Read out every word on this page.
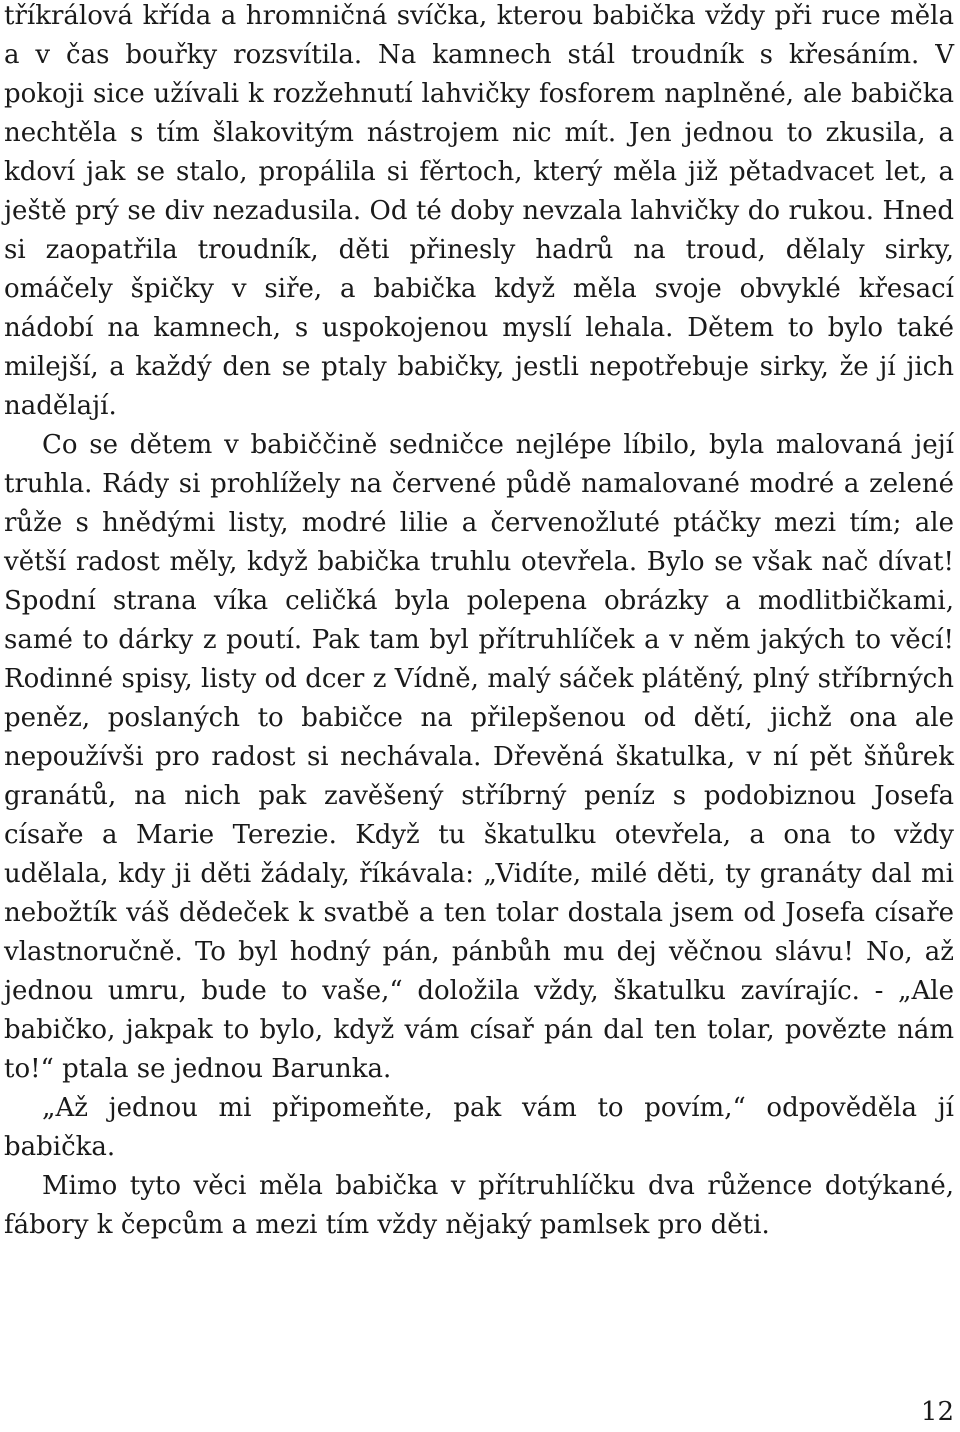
tříkrálová křída a hromničná svíčka, kterou babička vždy při ruce měla a v čas bouřky rozsvítila. Na kamnech stál troudník s křesáním. V pokoji sice užívali k rozžehnutí lahvičky fosforem naplněné, ale babička nechtěla s tím šlakovitým nástrojem nic mít. Jen jednou to zkusila, a kdoví jak se stalo, propálila si fěrtoch, který měla již pětadvacet let, a ještě prý se div nezadusila. Od té doby nevzala lahvičky do rukou. Hned si zaopatřila troudník, děti přinesly hadrů na troud, dělaly sirky, omáčely špičky v siře, a babička když měla svoje obvyklé křesací nádobí na kamnech, s uspokojenou myslí lehala. Dětem to bylo také milejší, a každý den se ptaly babičky, jestli nepotřebuje sirky, že jí jich nadělají.

Co se dětem v babiččině sedničce nejlépe líbilo, byla malovaná její truhla. Rády si prohlížely na červené půdě namalované modré a zelené růže s hnědými listy, modré lilie a červenožluté ptáčky mezi tím; ale větší radost měly, když babička truhlu otevřela. Bylo se však nač dívat! Spodní strana víka celičká byla polepena obrázky a modlitbičkami, samé to dárky z poutí. Pak tam byl přítruhlíček a v něm jakých to věcí! Rodinné spisy, listy od dcer z Vídně, malý sáček plátěný, plný stříbrných peněz, poslaných to babičce na přilepšenou od dětí, jichž ona ale nepoužívši pro radost si nechávala. Dřevěná škatulka, v ní pět šňůrek granátů, na nich pak zavěšený stříbrný peníz s podobiznou Josefa císaře a Marie Terezie. Když tu škatulku otevřela, a ona to vždy udělala, kdy ji děti žádaly, říkávala: „Vidíte, milé děti, ty granáty dal mi nebožtík váš dědeček k svatbě a ten tolar dostala jsem od Josefa císaře vlastnoručně. To byl hodný pán, pánbůh mu dej věčnou slávu! No, až jednou umru, bude to vaše,“ doložila vždy, škatulku zavírajíc. - „Ale babičko, jakpak to bylo, když vám císař pán dal ten tolar, povězte nám to!“ ptala se jednou Barunka.

„Až jednou mi připomeňte, pak vám to povím,“ odpověděla jí babička.

Mimo tyto věci měla babička v přítruhlíčku dva růžence dotýkané, fábory k čepcům a mezi tím vždy nějaký pamlsek pro děti.

12
